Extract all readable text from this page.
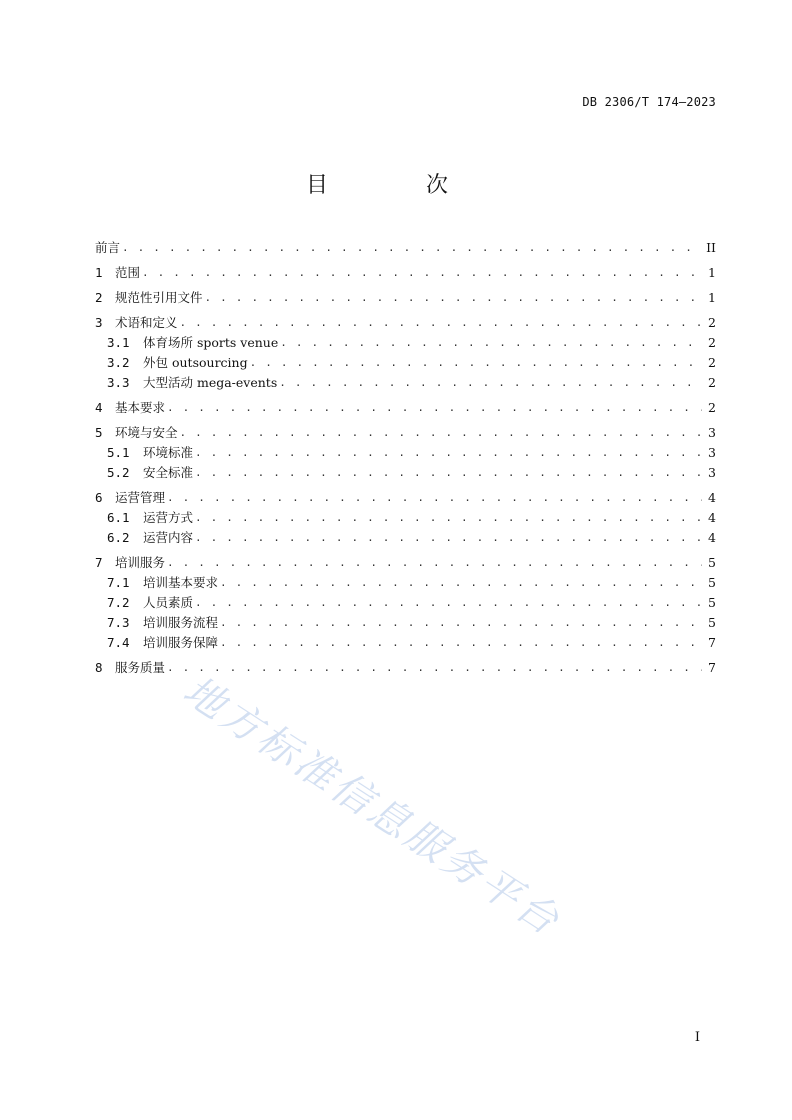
DB 2306/T 174—2023
目　次
前言 . . .	II
1 范围 . . .	1
2 规范性引用文件 . . .	1
3 术语和定义 . . .	2
3.1	体育场所 sports venue . . .	2
3.2	外包 outsourcing . . .	2
3.3	大型活动 mega-events . . .	2
4 基本要求 . . .	2
5 环境与安全 . . .	3
5.1	环境标准 . . .	3
5.2	安全标准 . . .	3
6 运营管理 . . .	4
6.1	运营方式 . . .	4
6.2	运营内容 . . .	4
7 培训服务 . . .	5
7.1	培训基本要求 . . .	5
7.2	人员素质 . . .	5
7.3	培训服务流程 . . .	5
7.4	培训服务保障 . . .	7
8 服务质量 . . .	7
I
地方标准信息服务平台
